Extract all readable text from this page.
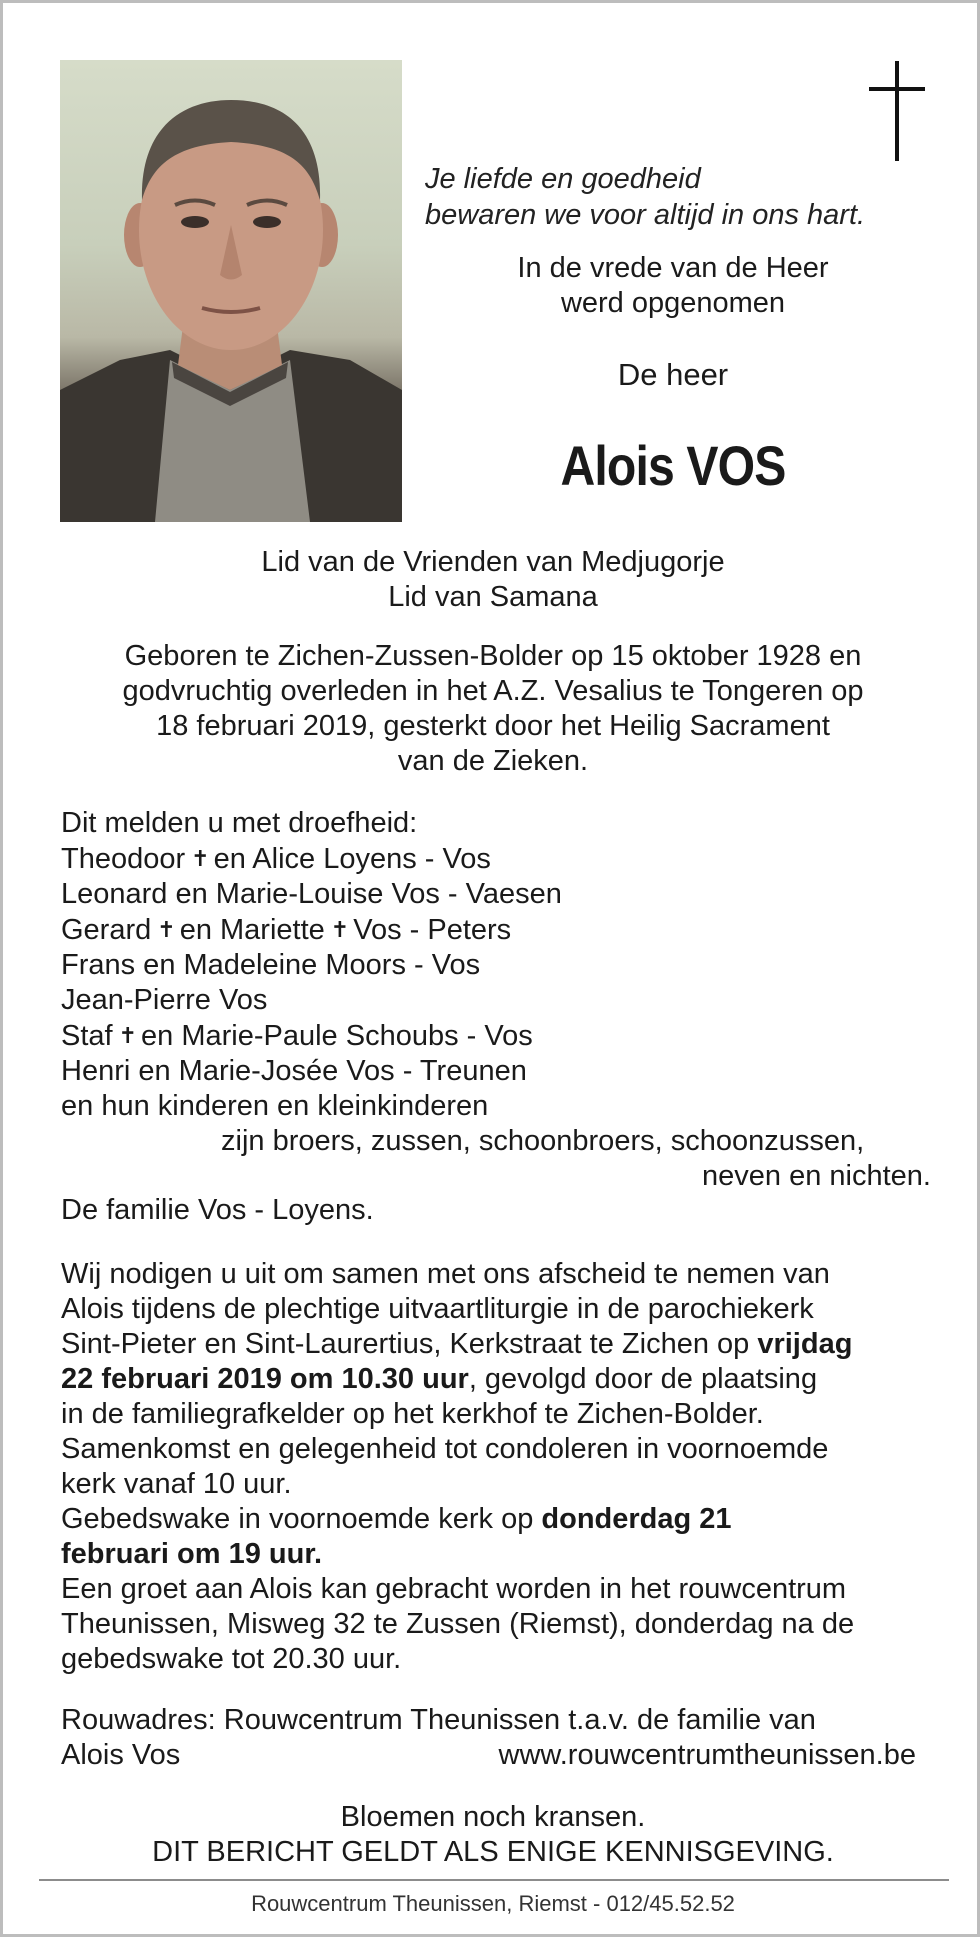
Je liefde en goedheid
bewaren we voor altijd in ons hart.
In de vrede van de Heer
werd opgenomen
De heer
Alois VOS
Lid van de Vrienden van Medjugorje
Lid van Samana
Geboren te Zichen-Zussen-Bolder op 15 oktober 1928 en
godvruchtig overleden in het A.Z. Vesalius te Tongeren op
18 februari 2019, gesterkt door het Heilig Sacrament
van de Zieken.
Dit melden u met droefheid:
Theodoor ✝ en Alice Loyens - Vos
Leonard en Marie-Louise Vos - Vaesen
Gerard ✝ en Mariette ✝ Vos - Peters
Frans en Madeleine Moors - Vos
Jean-Pierre Vos
Staf ✝ en Marie-Paule Schoubs - Vos
Henri en Marie-Josée Vos - Treunen
en hun kinderen en kleinkinderen
zijn broers, zussen, schoonbroers, schoonzussen,
neven en nichten.
De familie Vos - Loyens.
Wij nodigen u uit om samen met ons afscheid te nemen van
Alois tijdens de plechtige uitvaartliturgie in de parochiekerk
Sint-Pieter en Sint-Laurertius, Kerkstraat te Zichen op vrijdag
22 februari 2019 om 10.30 uur, gevolgd door de plaatsing
in de familiegrafkelder op het kerkhof te Zichen-Bolder.
Samenkomst en gelegenheid tot condoleren in voornoemde
kerk vanaf 10 uur.
Gebedswake in voornoemde kerk op donderdag 21
februari om 19 uur.
Een groet aan Alois kan gebracht worden in het rouwcentrum
Theunissen, Misweg 32 te Zussen (Riemst), donderdag na de
gebedswake tot 20.30 uur.
Rouwadres: Rouwcentrum Theunissen t.a.v. de familie van
Alois Vos	www.rouwcentrumtheunissen.be
Bloemen noch kransen.
DIT BERICHT GELDT ALS ENIGE KENNISGEVING.
Rouwcentrum Theunissen, Riemst - 012/45.52.52
